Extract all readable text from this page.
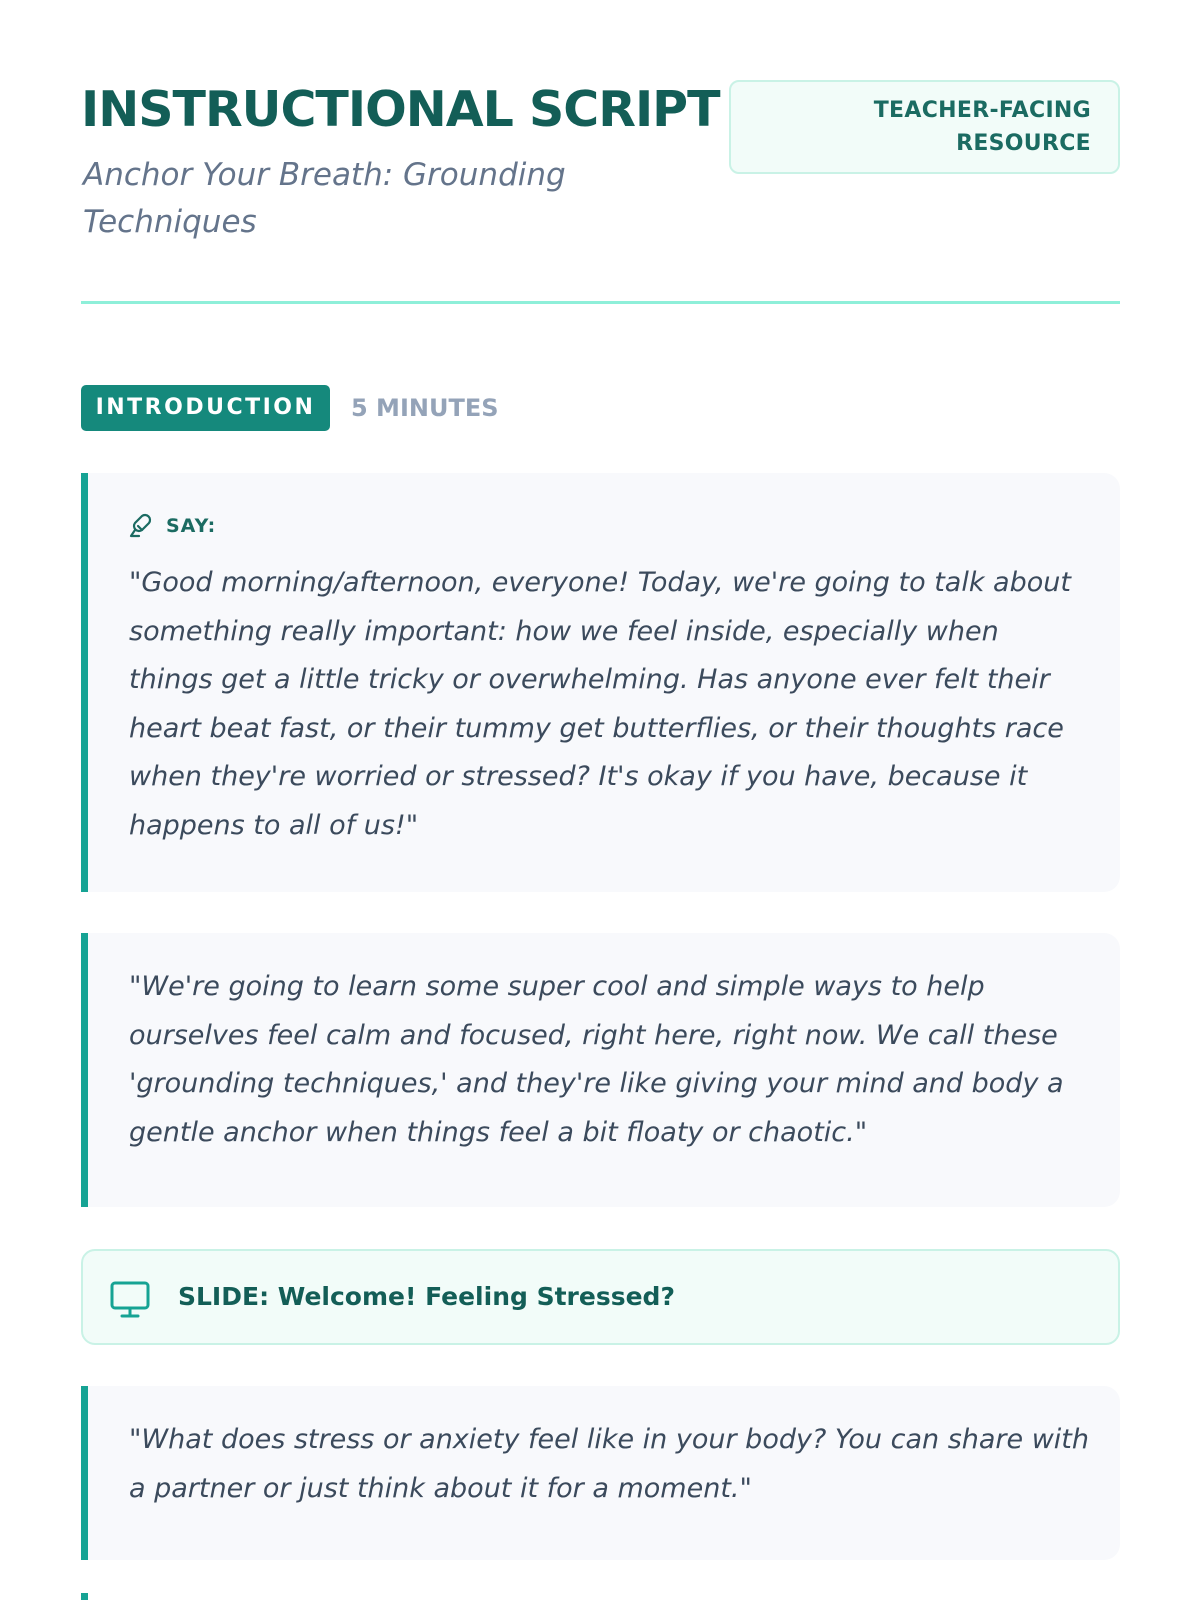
INSTRUCTIONAL SCRIPT
Anchor Your Breath: Grounding Techniques
TEACHER-FACING
RESOURCE
INTRODUCTION	5 MINUTES
SAY:
"Good morning/afternoon, everyone! Today, we're going to talk about something really important: how we feel inside, especially when things get a little tricky or overwhelming. Has anyone ever felt their heart beat fast, or their tummy get butterflies, or their thoughts race when they're worried or stressed? It's okay if you have, because it happens to all of us!"
"We're going to learn some super cool and simple ways to help ourselves feel calm and focused, right here, right now. We call these 'grounding techniques,' and they're like giving your mind and body a gentle anchor when things feel a bit floaty or chaotic."
SLIDE: Welcome! Feeling Stressed?
"What does stress or anxiety feel like in your body? You can share with a partner or just think about it for a moment."
